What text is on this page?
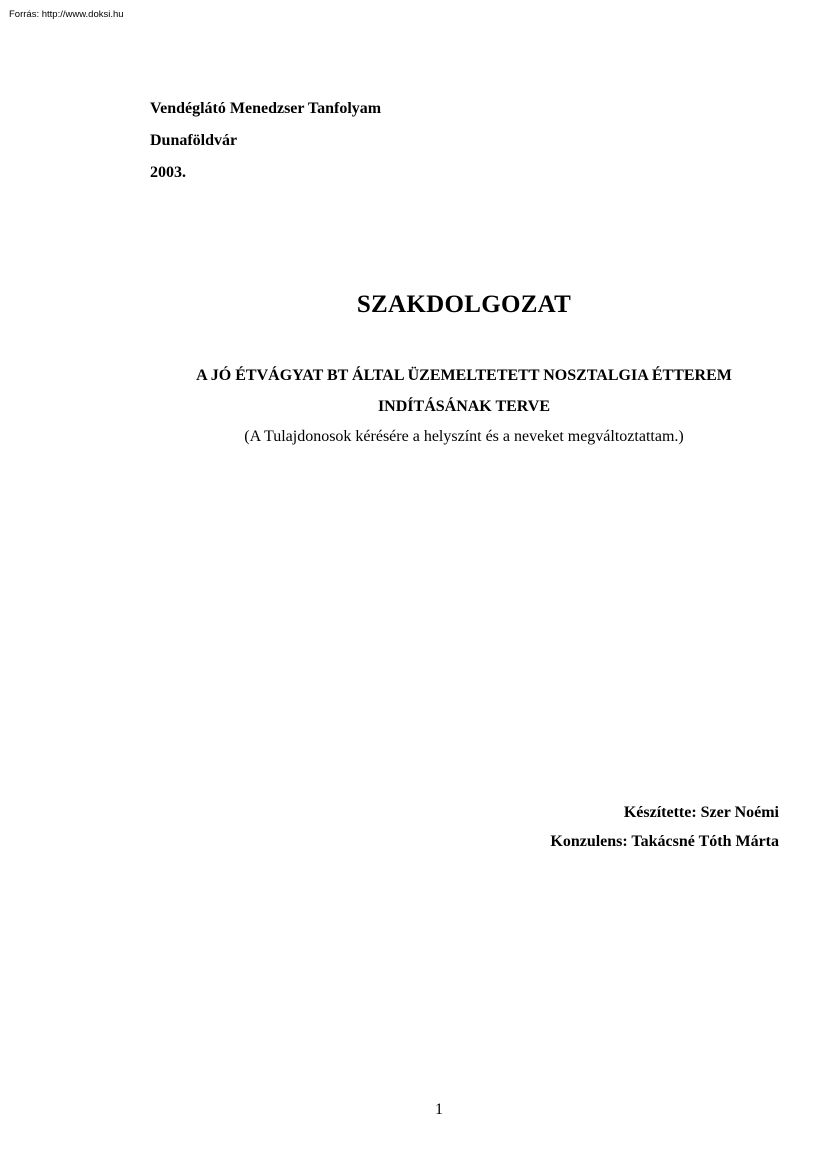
Forrás: http://www.doksi.hu
Vendéglátó Menedzser Tanfolyam
Dunaföldvár
2003.
SZAKDOLGOZAT
A JÓ ÉTVÁGYAT BT ÁLTAL ÜZEMELTETETT NOSZTALGIA ÉTTEREM
INDÍTÁSÁNAK TERVE
(A Tulajdonosok kérésére a helyszínt és a neveket megváltoztattam.)
Készítette: Szer Noémi
Konzulens: Takácsné Tóth Márta
1
